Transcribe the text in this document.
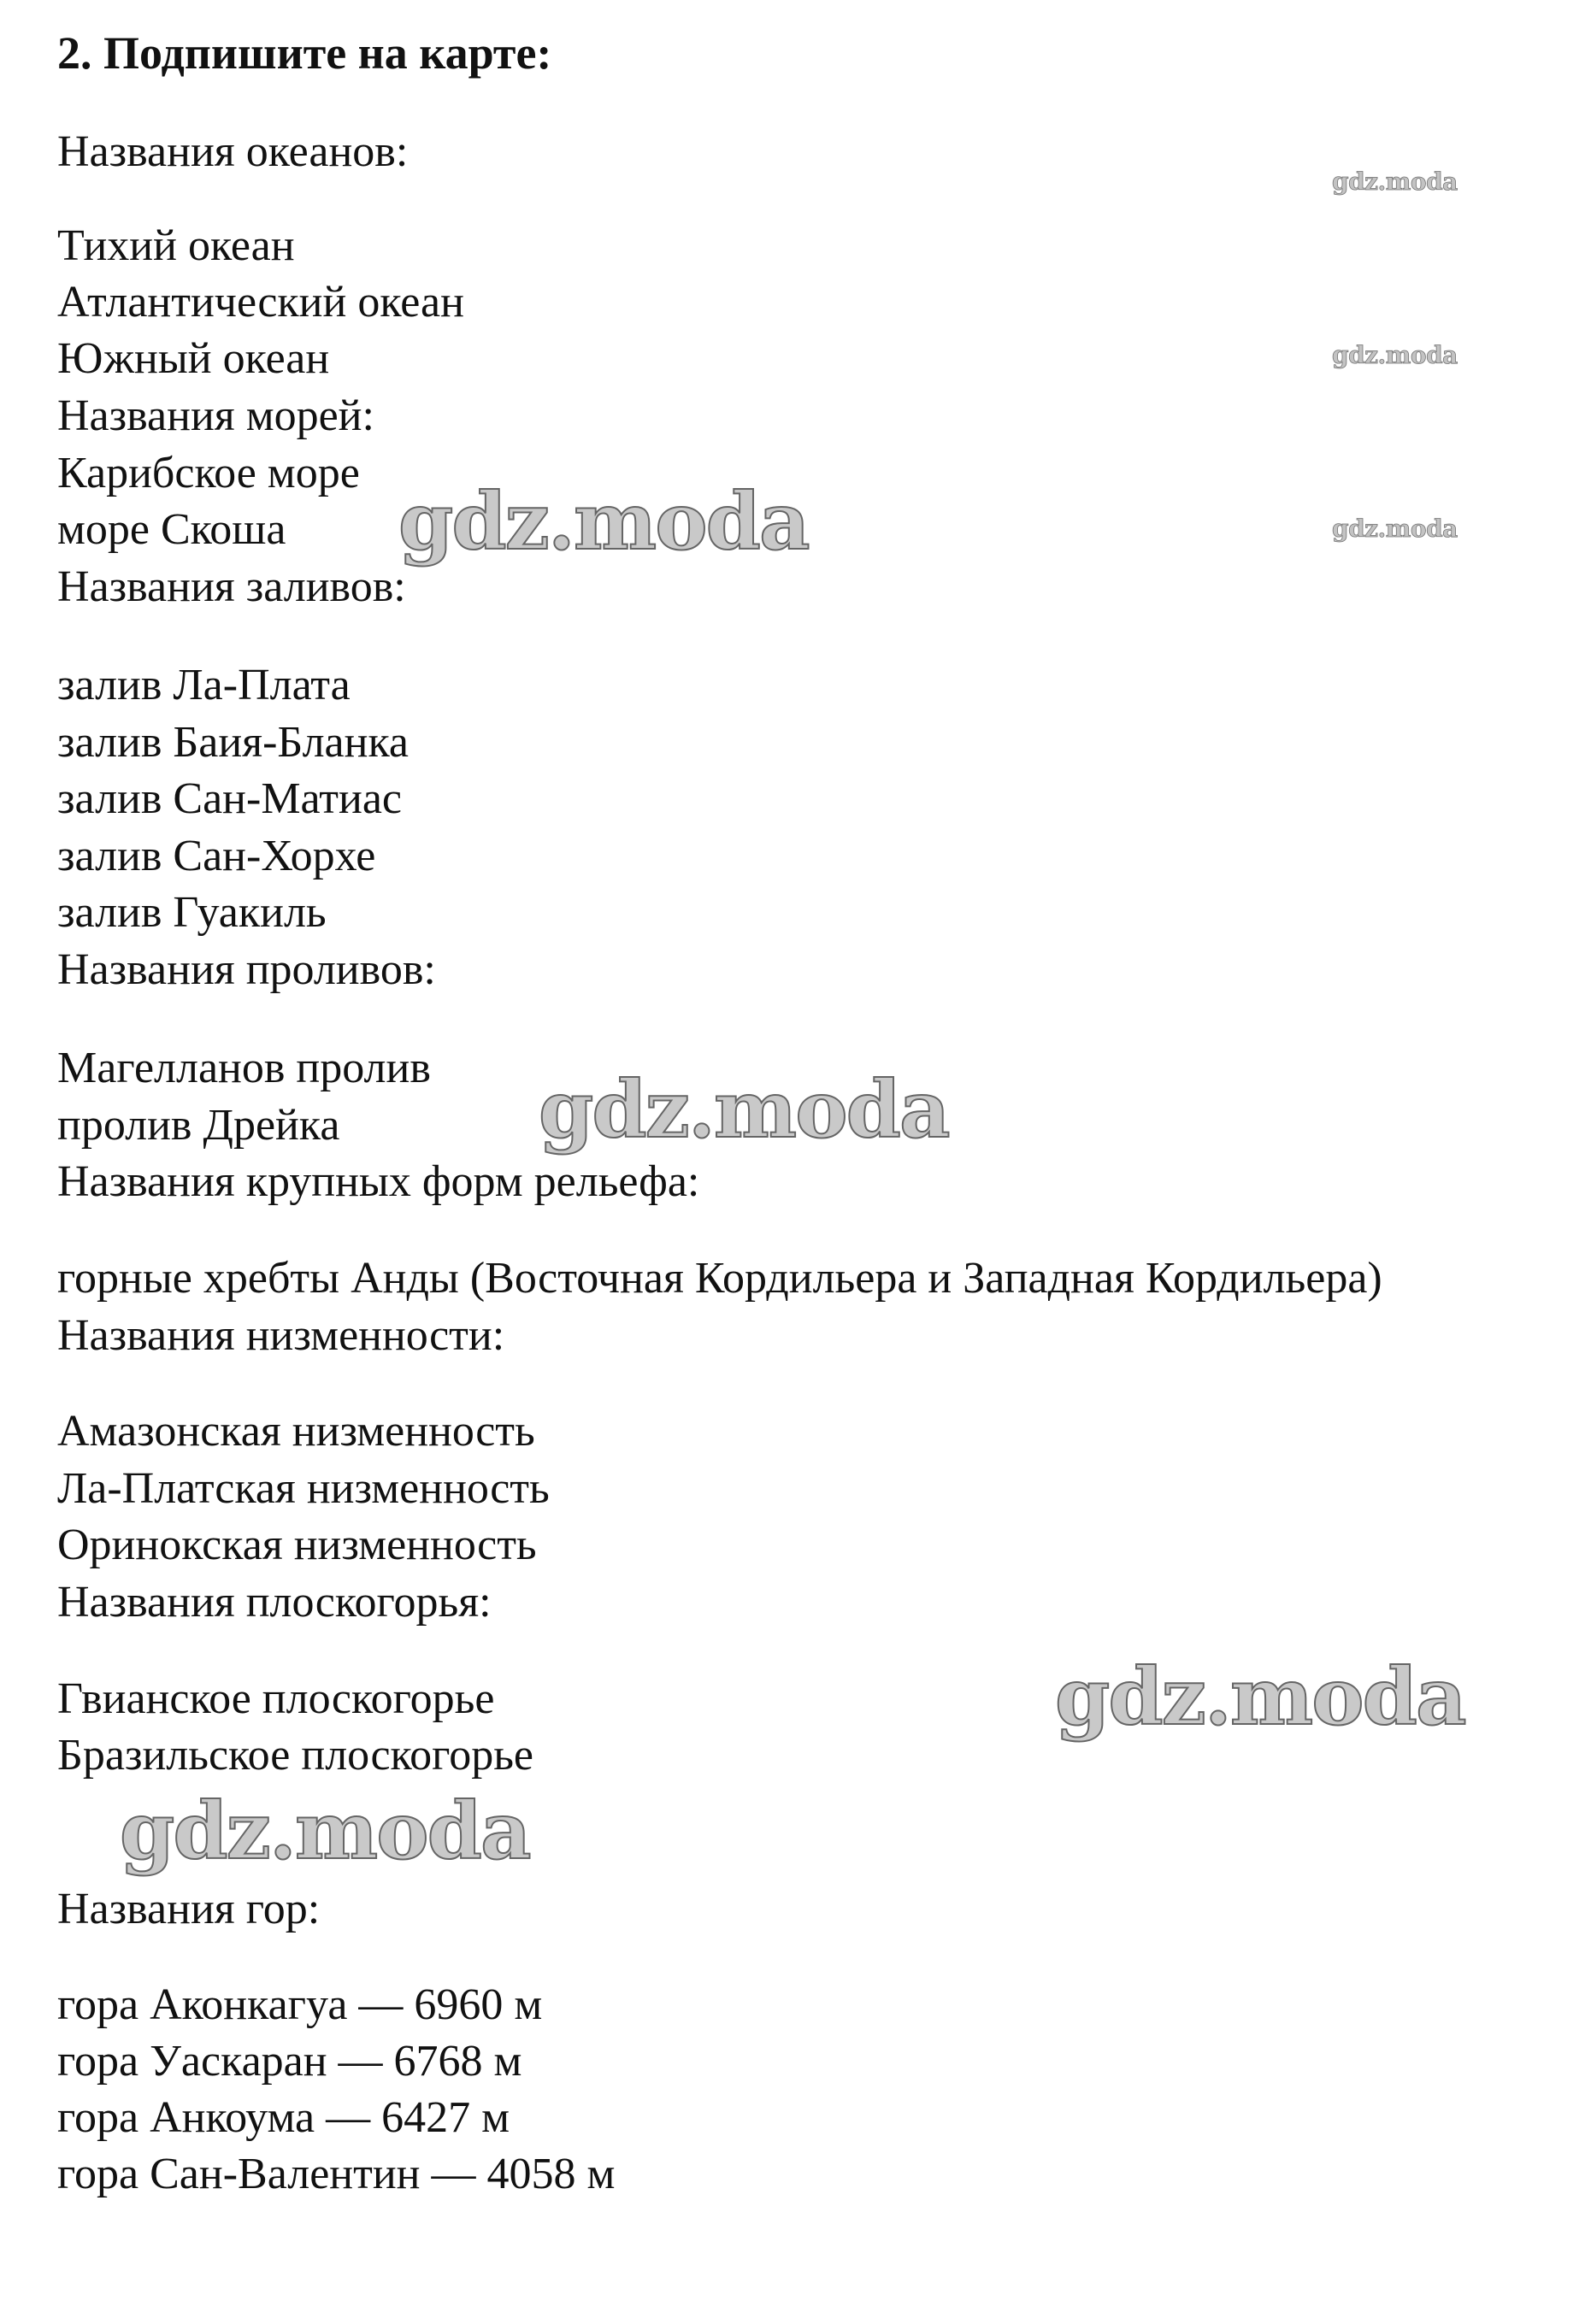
2. Подпишите на карте:
Названия океанов:
Тихий океан
Атлантический океан
Южный океан
Названия морей:
Карибское море
море Скоша
Названия заливов:
залив Ла-Плата
залив Баия-Бланка
залив Сан-Матиас
залив Сан-Хорхе
залив Гуакиль
Названия проливов:
Магелланов пролив
пролив Дрейка
Названия крупных форм рельефа:
горные хребты Анды (Восточная Кордильера и Западная Кордильера)
Названия низменности:
Амазонская низменность
Ла-Платская низменность
Оринокская низменность
Названия плоскогорья:
Гвианское плоскогорье
Бразильское плоскогорье
Названия гор:
гора Аконкагуа — 6960 м
гора Уаскаран — 6768 м
гора Анкоума — 6427 м
гора Сан-Валентин — 4058 м
gdz.moda
gdz.moda
gdz.moda
gdz.moda
gdz.moda
gdz.moda
gdz.moda
